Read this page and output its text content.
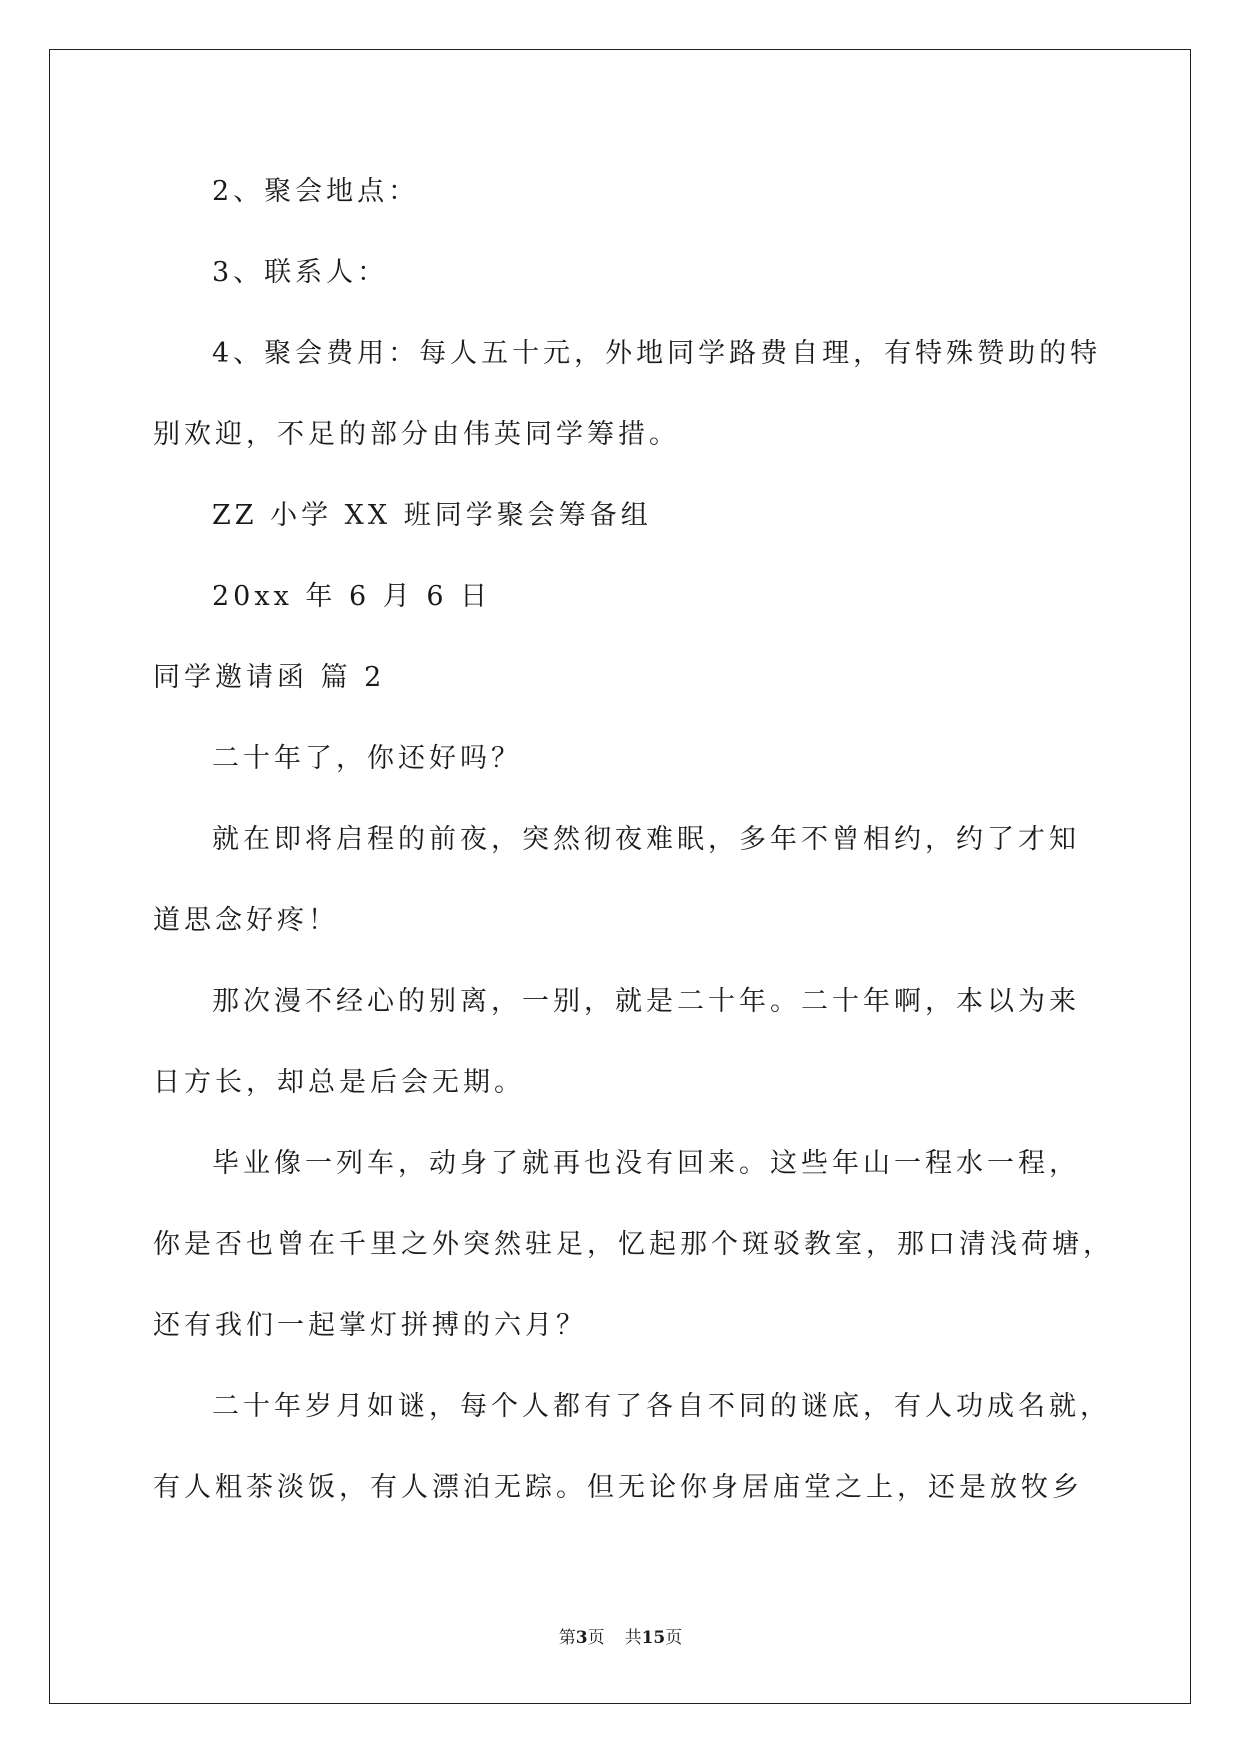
2、聚会地点：
3、联系人：
4、聚会费用：每人五十元，外地同学路费自理，有特殊赞助的特
别欢迎，不足的部分由伟英同学筹措。
ZZ 小学 XX 班同学聚会筹备组
20xx 年 6 月 6 日
同学邀请函 篇 2
二十年了，你还好吗？
就在即将启程的前夜，突然彻夜难眠，多年不曾相约，约了才知
道思念好疼！
那次漫不经心的别离，一别，就是二十年。二十年啊，本以为来
日方长，却总是后会无期。
毕业像一列车，动身了就再也没有回来。这些年山一程水一程，
你是否也曾在千里之外突然驻足，忆起那个斑驳教室，那口清浅荷塘，
还有我们一起掌灯拼搏的六月？
二十年岁月如谜，每个人都有了各自不同的谜底，有人功成名就，
有人粗茶淡饭，有人漂泊无踪。但无论你身居庙堂之上，还是放牧乡
第3页 共15页
